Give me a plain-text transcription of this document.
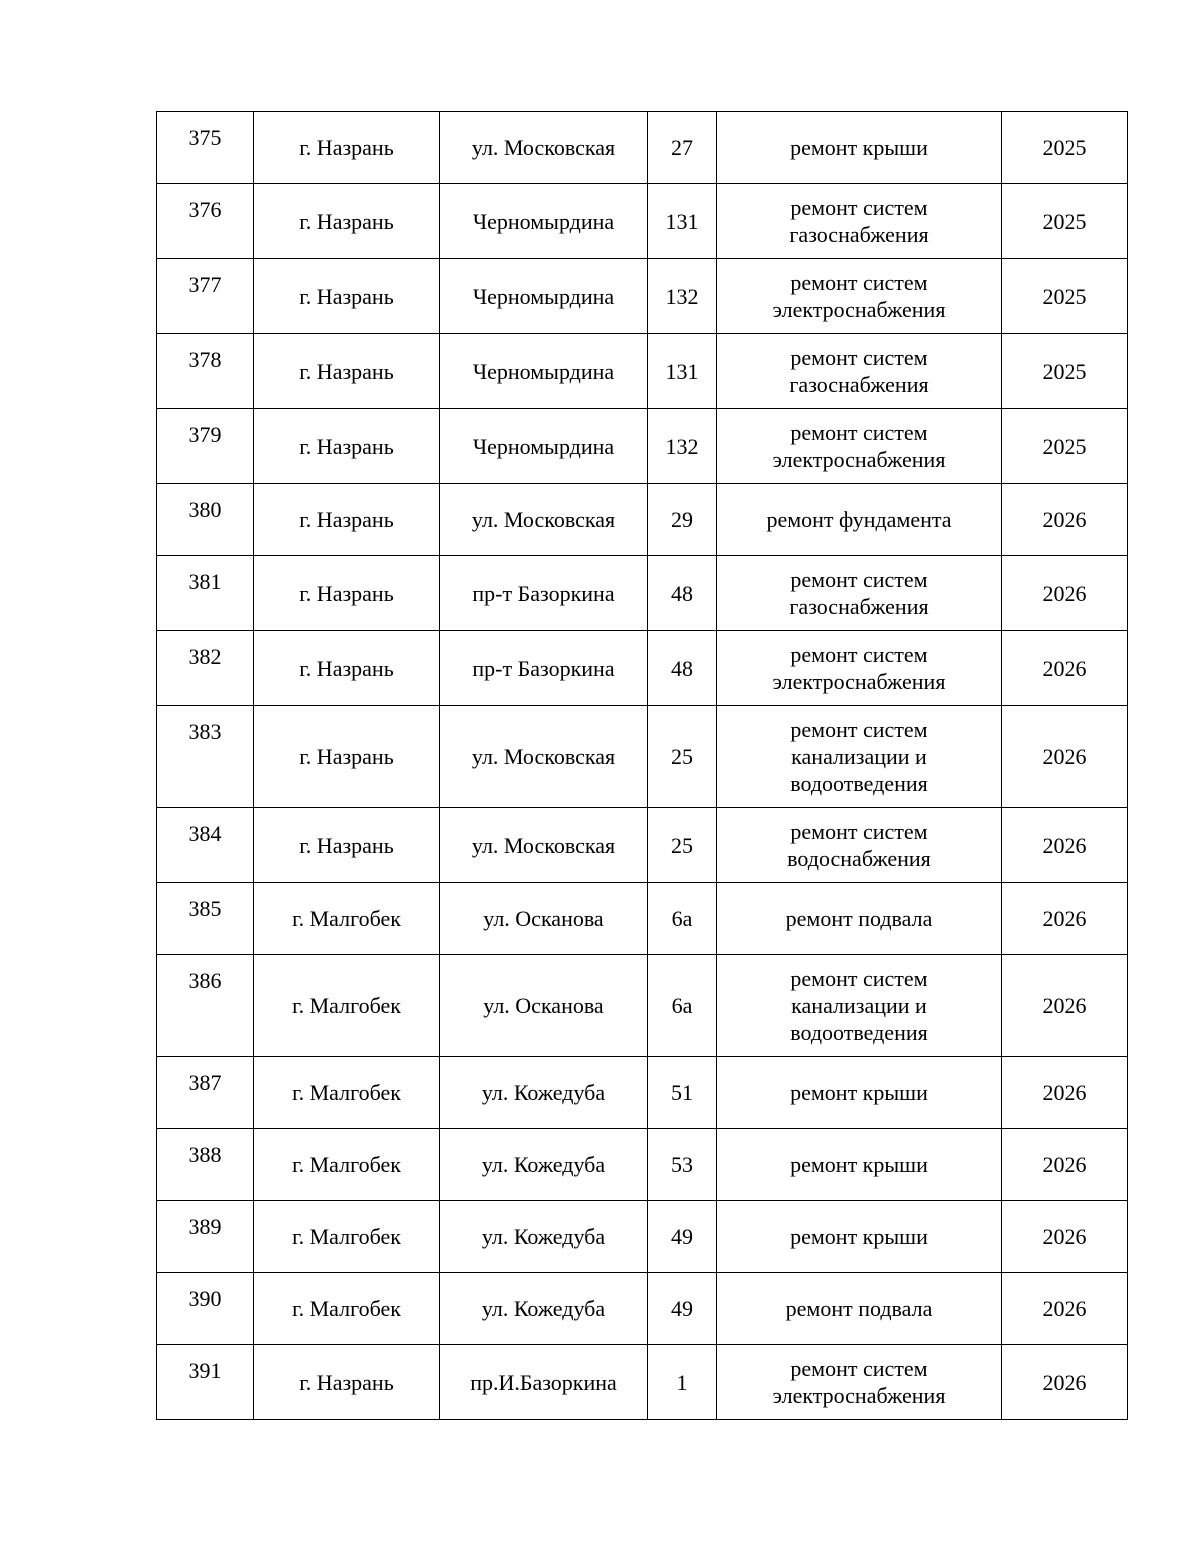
375	г. Назрань	ул. Московская	27	ремонт крыши	2025
376	г. Назрань	Черномырдина	131	ремонт систем
газоснабжения	2025
377	г. Назрань	Черномырдина	132	ремонт систем
электроснабжения	2025
378	г. Назрань	Черномырдина	131	ремонт систем
газоснабжения	2025
379	г. Назрань	Черномырдина	132	ремонт систем
электроснабжения	2025
380	г. Назрань	ул. Московская	29	ремонт фундамента	2026
381	г. Назрань	пр-т Базоркина	48	ремонт систем
газоснабжения	2026
382	г. Назрань	пр-т Базоркина	48	ремонт систем
электроснабжения	2026
383	г. Назрань	ул. Московская	25	ремонт систем
канализации и
водоотведения	2026
384	г. Назрань	ул. Московская	25	ремонт систем
водоснабжения	2026
385	г. Малгобек	ул. Осканова	6а	ремонт подвала	2026
386	г. Малгобек	ул. Осканова	6а	ремонт систем
канализации и
водоотведения	2026
387	г. Малгобек	ул. Кожедуба	51	ремонт крыши	2026
388	г. Малгобек	ул. Кожедуба	53	ремонт крыши	2026
389	г. Малгобек	ул. Кожедуба	49	ремонт крыши	2026
390	г. Малгобек	ул. Кожедуба	49	ремонт подвала	2026
391	г. Назрань	пр.И.Базоркина	1	ремонт систем
электроснабжения	2026
